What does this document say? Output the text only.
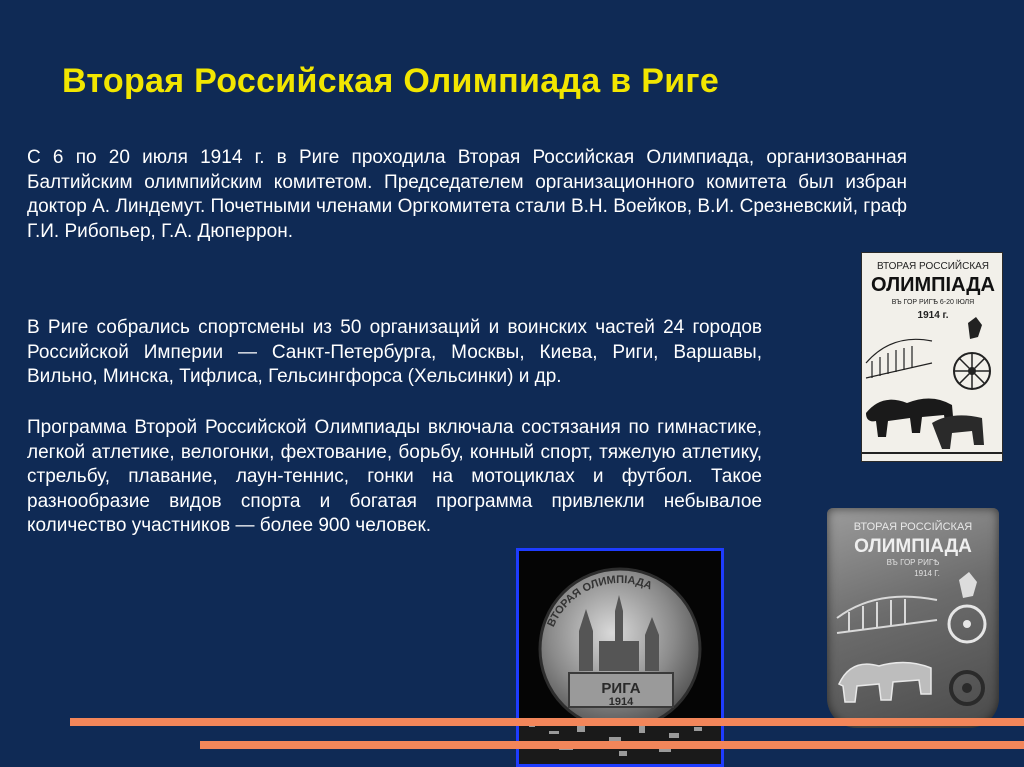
Вторая Российская Олимпиада в Риге

С 6 по 20 июля 1914 г. в Риге проходила Вторая Российская Олимпиада, организованная Балтийским олимпийским комитетом. Председателем организационного комитета был избран доктор А. Линдемут. Почетными членами Оргкомитета стали В.Н. Воейков, В.И. Срезневский, граф Г.И. Рибопьер, Г.А. Дюперрон.

В Риге собрались спортсмены из 50 организаций и воинских частей 24 городов Российской Империи — Санкт-Петербурга, Москвы, Киева, Риги, Варшавы, Вильно, Минска, Тифлиса, Гельсингфорса (Хельсинки) и др.

Программа Второй Российской Олимпиады включала состязания по гимнастике, легкой атлетике, велогонки, фехтование, борьбу, конный спорт, тяжелую атлетику, стрельбу, плавание, лаун-теннис, гонки на мотоциклах и футбол. Такое разнообразие видов спорта и богатая программа привлекли небывалое количество участников — более 900 человек.

ВТОРАЯ РОССИЙСКАЯ
ОЛИМПІАДА
ВЪ ГОР РИГѢ 6-20 ІЮЛЯ
1914 г.
ВТОРАЯ РОССІЙСКАЯ
ОЛИМПІАДА
ВЪ ГОР РИГѢ
1914 Г.
ВТОРАЯ ОЛИМПІАДА
РИГА
1914
